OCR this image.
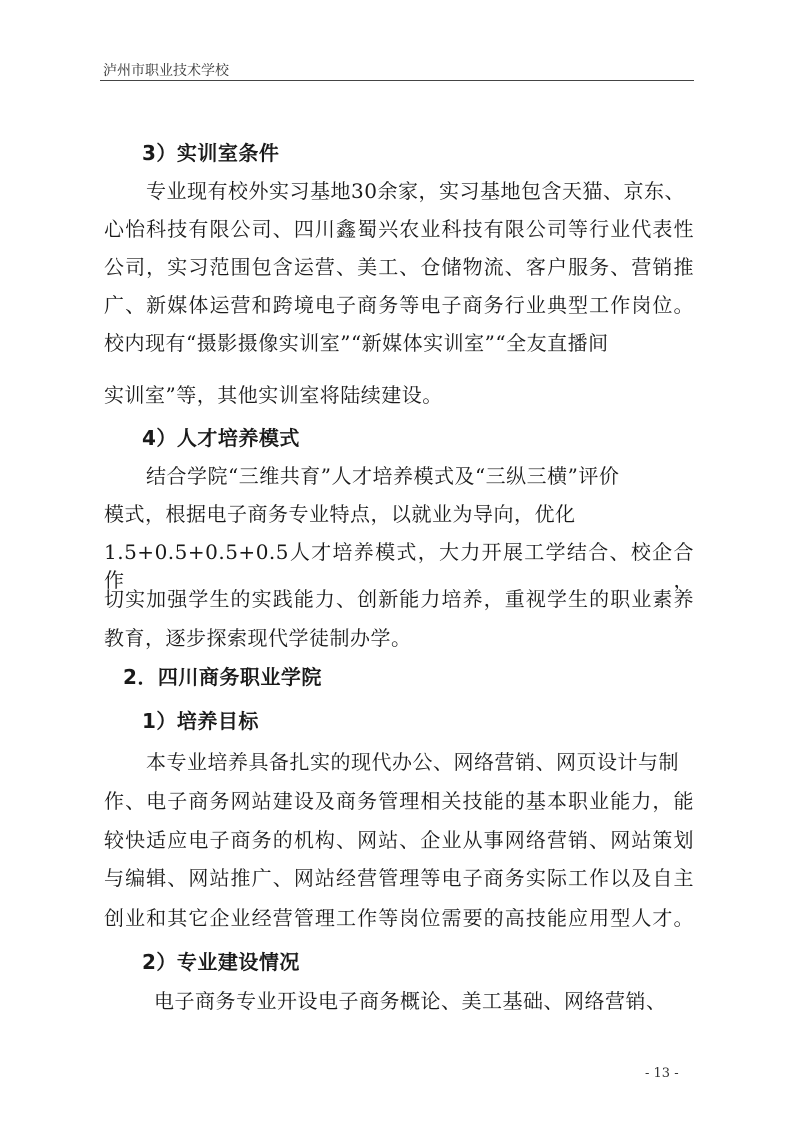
泸州市职业技术学校
3）实训室条件
专业现有校外实习基地30余家，实习基地包含天猫、京东、
心怡科技有限公司、四川鑫蜀兴农业科技有限公司等行业代表性
公司，实习范围包含运营、美工、仓储物流、客户服务、营销推
广、新媒体运营和跨境电子商务等电子商务行业典型工作岗位。
校内现有“摄影摄像实训室”“新媒体实训室”“全友直播间
实训室”等，其他实训室将陆续建设。
4）人才培养模式
结合学院“三维共育”人才培养模式及“三纵三横”评价
模式，根据电子商务专业特点，以就业为导向，优化
1.5+0.5+0.5+0.5人才培养模式，大力开展工学结合、校企合作，
切实加强学生的实践能力、创新能力培养，重视学生的职业素养
教育，逐步探索现代学徒制办学。
2．四川商务职业学院
1）培养目标
本专业培养具备扎实的现代办公、网络营销、网页设计与制
作、电子商务网站建设及商务管理相关技能的基本职业能力，能
较快适应电子商务的机构、网站、企业从事网络营销、网站策划
与编辑、网站推广、网站经营管理等电子商务实际工作以及自主
创业和其它企业经营管理工作等岗位需要的高技能应用型人才。
2）专业建设情况
电子商务专业开设电子商务概论、美工基础、网络营销、
- 13 -
